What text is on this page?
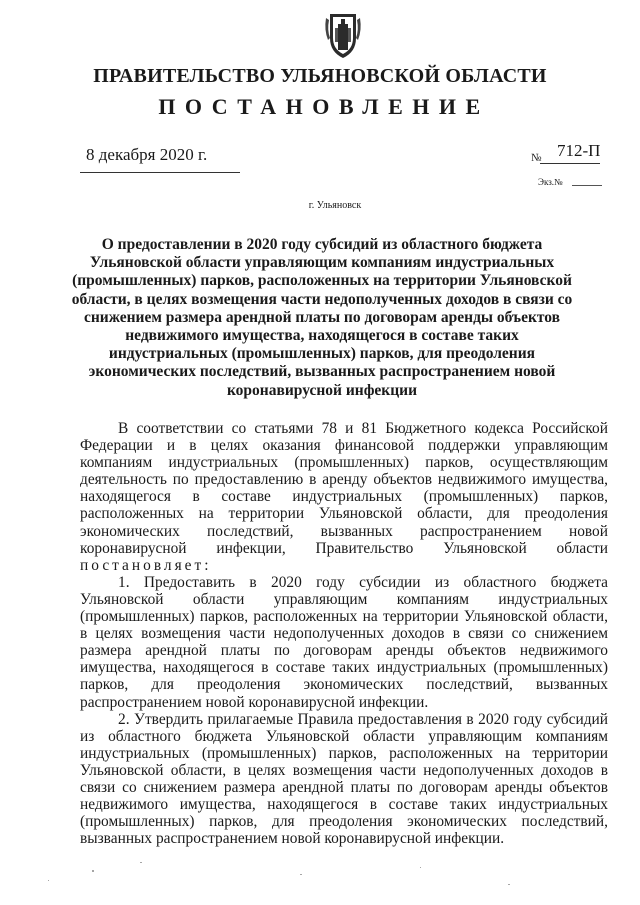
ПРАВИТЕЛЬСТВО УЛЬЯНОВСКОЙ ОБЛАСТИ
ПОСТАНОВЛЕНИЕ
8 декабря 2020 г.	№ 712-П
Экз.№
г. Ульяновск
О предоставлении в 2020 году субсидий из областного бюджета Ульяновской области управляющим компаниям индустриальных (промышленных) парков, расположенных на территории Ульяновской области, в целях возмещения части недополученных доходов в связи со снижением размера арендной платы по договорам аренды объектов недвижимого имущества, находящегося в составе таких индустриальных (промышленных) парков, для преодоления экономических последствий, вызванных распространением новой коронавирусной инфекции

В соответствии со статьями 78 и 81 Бюджетного кодекса Российской Федерации и в целях оказания финансовой поддержки управляющим компаниям индустриальных (промышленных) парков, осуществляющим деятельность по предоставлению в аренду объектов недвижимого имущества, находящегося в составе индустриальных (промышленных) парков, расположенных на территории Ульяновской области, для преодоления экономических последствий, вызванных распространением новой коронавирусной инфекции, Правительство Ульяновской области постановляет:

1. Предоставить в 2020 году субсидии из областного бюджета Ульяновской области управляющим компаниям индустриальных (промышленных) парков, расположенных на территории Ульяновской области, в целях возмещения части недополученных доходов в связи со снижением размера арендной платы по договорам аренды объектов недвижимого имущества, находящегося в составе таких индустриальных (промышленных) парков, для преодоления экономических последствий, вызванных распространением новой коронавирусной инфекции.

2. Утвердить прилагаемые Правила предоставления в 2020 году субсидий из областного бюджета Ульяновской области управляющим компаниям индустриальных (промышленных) парков, расположенных на территории Ульяновской области, в целях возмещения части недополученных доходов в связи со снижением размера арендной платы по договорам аренды объектов недвижимого имущества, находящегося в составе таких индустриальных (промышленных) парков, для преодоления экономических последствий, вызванных распространением новой коронавирусной инфекции.
